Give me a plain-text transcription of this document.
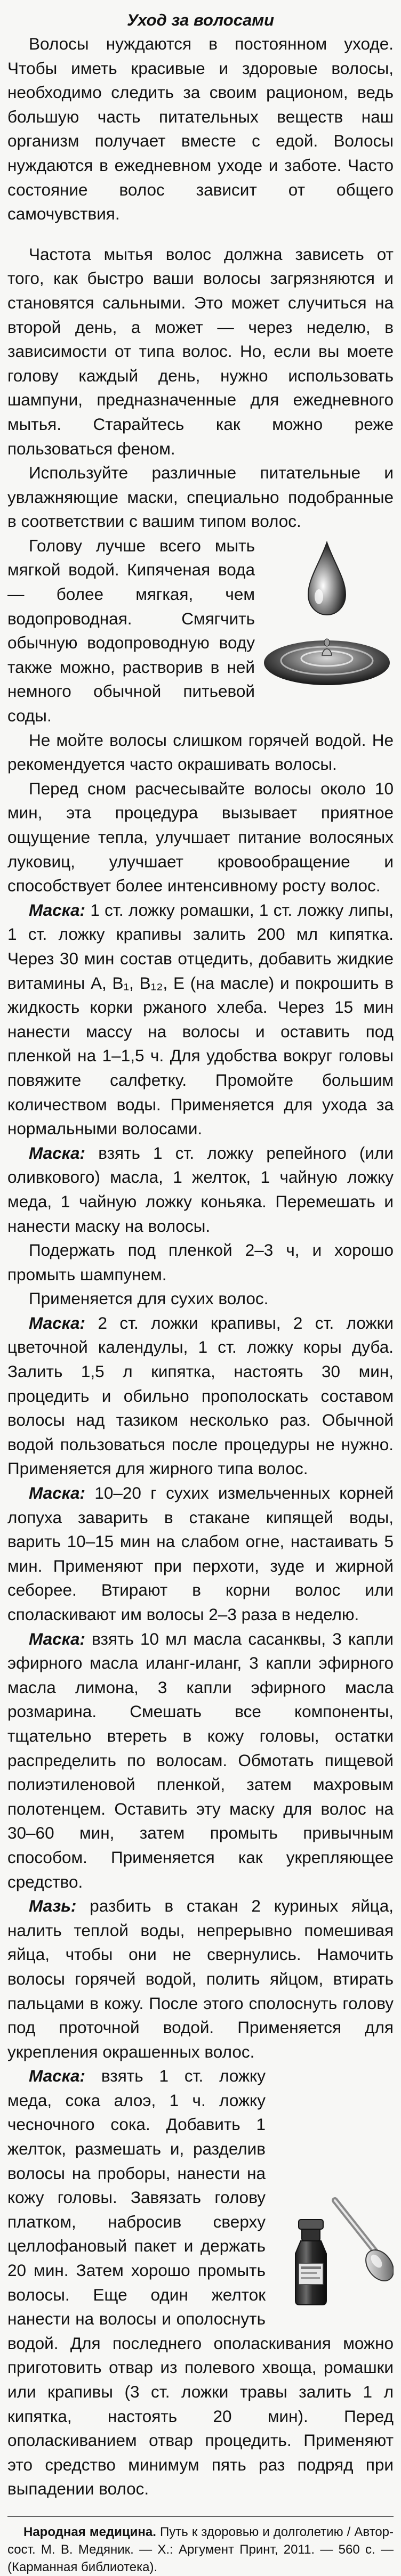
Уход за волосами

Волосы нуждаются в постоянном уходе. Чтобы иметь красивые и здоровые волосы, необходимо следить за своим рационом, ведь большую часть питательных веществ наш организм получает вместе с едой. Волосы нуждаются в ежедневном уходе и заботе. Часто состояние волос зависит от общего самочувствия.

Частота мытья волос должна зависеть от того, как быстро ваши волосы загрязняются и становятся сальными. Это может случиться на второй день, а может — через неделю, в зависимости от типа волос. Но, если вы моете голову каждый день, нужно использовать шампуни, предназначенные для ежедневного мытья. Старайтесь как можно реже пользоваться феном.

Используйте различные питательные и увлажняющие маски, специально подобранные в соответствии с вашим типом волос.

Голову лучше всего мыть мягкой водой. Кипяченая вода — более мягкая, чем водопроводная. Смягчить обычную водопроводную воду также можно, растворив в ней немного обычной питьевой соды.

Не мойте волосы слишком горячей водой. Не рекомендуется часто окрашивать волосы.

Перед сном расчесывайте волосы около 10 мин, эта процедура вызывает приятное ощущение тепла, улучшает питание волосяных луковиц, улучшает кровообращение и способствует более интенсивному росту волос.

Маска: 1 ст. ложку ромашки, 1 ст. ложку липы, 1 ст. ложку крапивы залить 200 мл кипятка. Через 30 мин состав отцедить, добавить жидкие витамины А, B₁, B₁₂, E (на масле) и покрошить в жидкость корки ржаного хлеба. Через 15 мин нанести массу на волосы и оставить под пленкой на 1–1,5 ч. Для удобства вокруг головы повяжите салфетку. Промойте большим количеством воды. Применяется для ухода за нормальными волосами.

Маска: взять 1 ст. ложку репейного (или оливкового) масла, 1 желток, 1 чайную ложку меда, 1 чайную ложку коньяка. Перемешать и нанести маску на волосы.

Подержать под пленкой 2–3 ч, и хорошо промыть шампунем.

Применяется для сухих волос.

Маска: 2 ст. ложки крапивы, 2 ст. ложки цветочной календулы, 1 ст. ложку коры дуба. Залить 1,5 л кипятка, настоять 30 мин, процедить и обильно прополоскать составом волосы над тазиком несколько раз. Обычной водой пользоваться после процедуры не нужно. Применяется для жирного типа волос.

Маска: 10–20 г сухих измельченных корней лопуха заварить в стакане кипящей воды, варить 10–15 мин на слабом огне, настаивать 5 мин. Применяют при перхоти, зуде и жирной себорее. Втирают в корни волос или споласкивают им волосы 2–3 раза в неделю.

Маска: взять 10 мл масла сасанквы, 3 капли эфирного масла иланг-иланг, 3 капли эфирного масла лимона, 3 капли эфирного масла розмарина. Смешать все компоненты, тщательно втереть в кожу головы, остатки распределить по волосам. Обмотать пищевой полиэтиленовой пленкой, затем махровым полотенцем. Оставить эту маску для волос на 30–60 мин, затем промыть привычным способом. Применяется как укрепляющее средство.

Мазь: разбить в стакан 2 куриных яйца, налить теплой воды, непрерывно помешивая яйца, чтобы они не свернулись. Намочить волосы горячей водой, полить яйцом, втирать пальцами в кожу. После этого сполоснуть голову под проточной водой. Применяется для укрепления окрашенных волос.

Маска: взять 1 ст. ложку меда, сока алоэ, 1 ч. ложку чесночного сока. Добавить 1 желток, размешать и, разделив волосы на проборы, нанести на кожу головы. Завязать голову платком, набросив сверху целлофановый пакет и держать 20 мин. Затем хорошо промыть волосы. Еще один желток нанести на волосы и ополоснуть водой. Для последнего ополаскивания можно приготовить отвар из полевого хвоща, ромашки или крапивы (3 ст. ложки травы залить 1 л кипятка, настоять 20 мин). Перед ополаскиванием отвар процедить. Применяют это средство минимум пять раз подряд при выпадении волос.

Народная медицина. Путь к здоровью и долголетию / Автор-сост. М. В. Медяник. — Х.: Аргумент Принт, 2011. — 560 с. — (Карманная библиотека).
